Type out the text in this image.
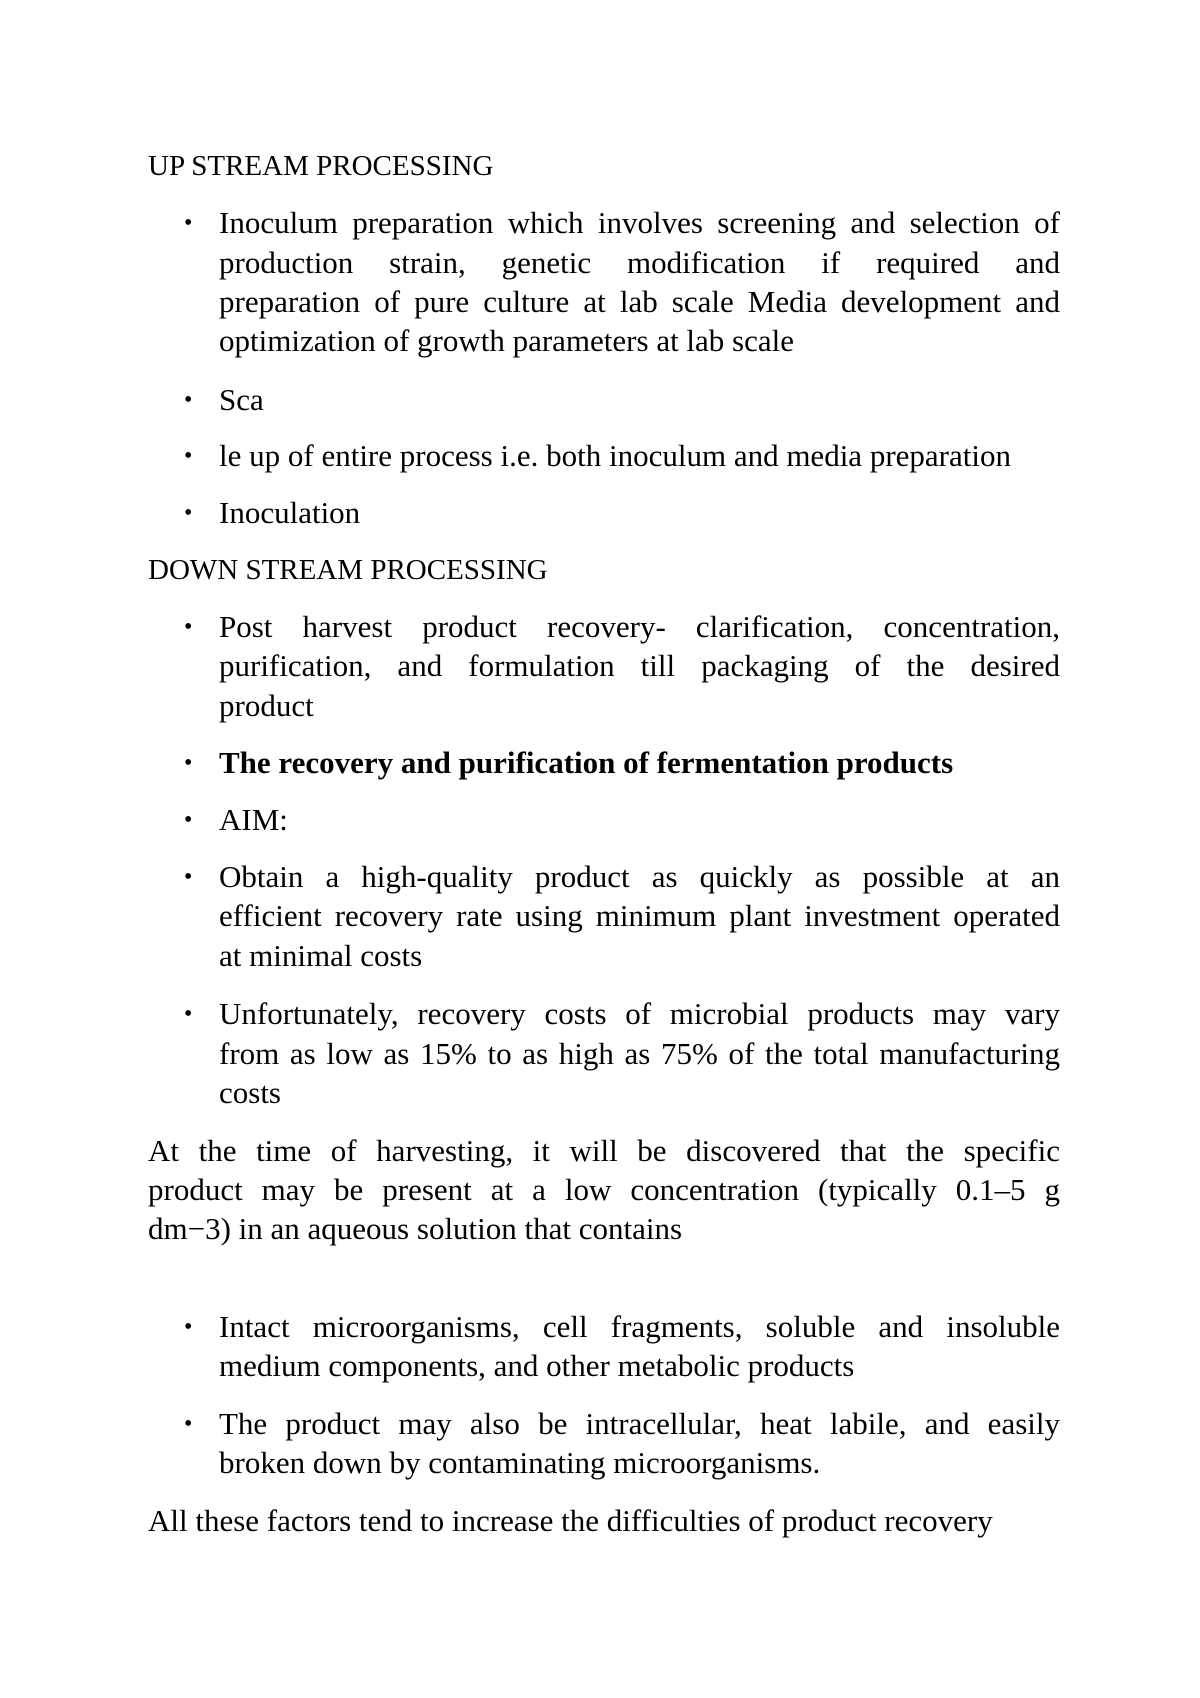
UP STREAM PROCESSING
• Inoculum preparation which involves screening and selection of
production strain, genetic modification if required and
preparation of pure culture at lab scale Media development and
optimization of growth parameters at lab scale
• Sca
• le up of entire process i.e. both inoculum and media preparation
• Inoculation
DOWN STREAM PROCESSING
• Post harvest product recovery- clarification, concentration,
purification, and formulation till packaging of the desired
product
• The recovery and purification of fermentation products
• AIM:
• Obtain a high-quality product as quickly as possible at an
efficient recovery rate using minimum plant investment operated
at minimal costs
• Unfortunately, recovery costs of microbial products may vary
from as low as 15% to as high as 75% of the total manufacturing
costs
At the time of harvesting, it will be discovered that the specific
product may be present at a low concentration (typically 0.1–5 g
dm−3) in an aqueous solution that contains
• Intact microorganisms, cell fragments, soluble and insoluble
medium components, and other metabolic products
• The product may also be intracellular, heat labile, and easily
broken down by contaminating microorganisms.
All these factors tend to increase the difficulties of product recovery
